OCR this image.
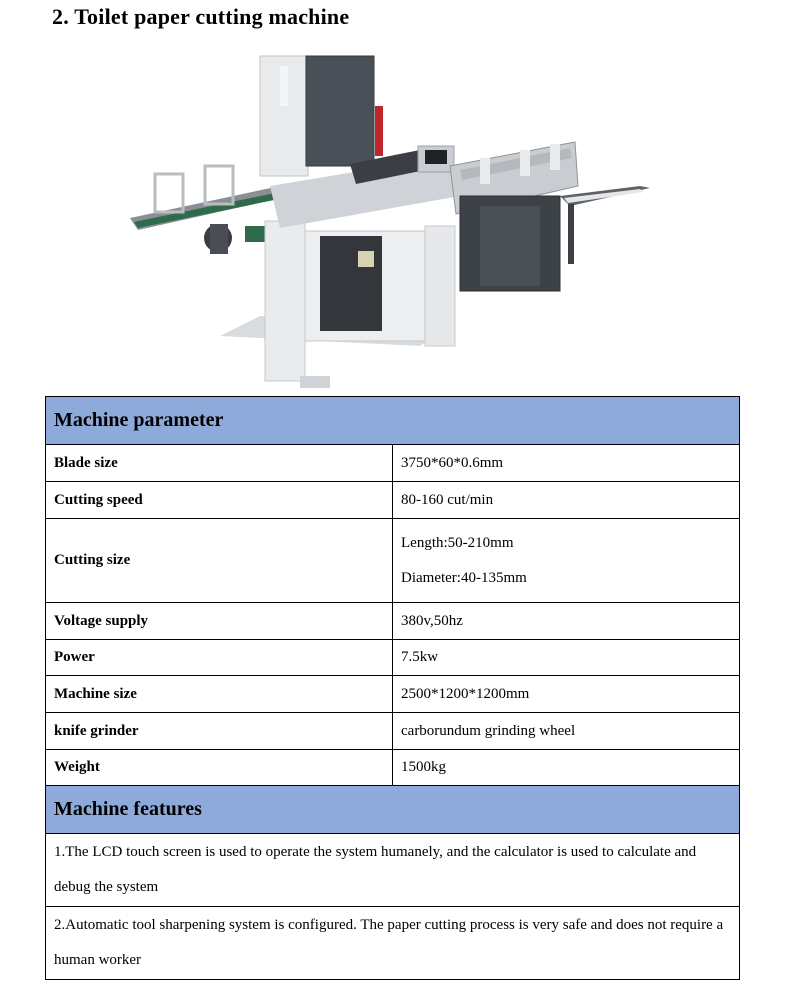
2. Toilet paper cutting machine
Machine parameter	
Blade size	3750*60*0.6mm
Cutting speed	80-160 cut/min

Cutting size	Length:50-210mm
Diameter:40-135mm

Voltage supply	380v,50hz
Power	7.5kw
Machine size	2500*1200*1200mm
knife grinder	carborundum grinding wheel
Weight	1500kg
Machine features	
1.The LCD touch screen is used to operate the system humanely, and the calculator is used to calculate and debug the system	
2.Automatic tool sharpening system is configured. The paper cutting process is very safe and does not require a human worker	
